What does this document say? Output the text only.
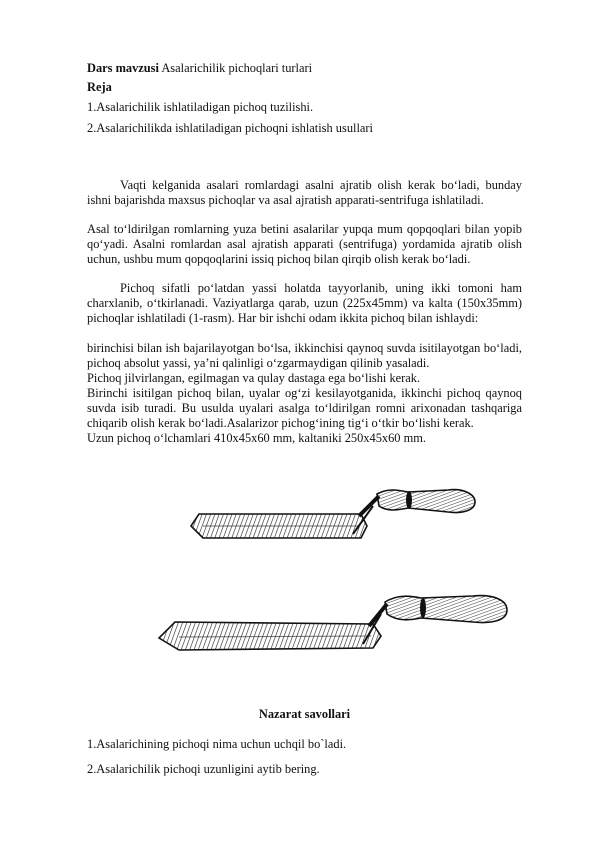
Dars mavzusi Asalarichilik pichoqlari turlari

Reja

1.Asalarichilik ishlatiladigan pichoq tuzilishi.

2.Asalarichilikda ishlatiladigan pichoqni ishlatish usullari

Vaqti kelganida asalari romlardagi asalni ajratib olish kerak bo‘ladi, bunday ishni bajarishda maxsus pichoqlar va asal ajratish apparati-sentrifuga ishlatiladi.

Asal to‘ldirilgan romlarning yuza betini asalarilar yupqa mum qopqoqlari bilan yopib qo‘yadi. Asalni romlardan asal ajratish apparati (sentrifuga) yordamida ajratib olish uchun, ushbu mum qopqoqlarini issiq pichoq bilan qirqib olish kerak bo‘ladi.

Pichoq sifatli po‘latdan yassi holatda tayyorlanib, uning ikki tomoni ham charxlanib, o‘tkirlanadi. Vaziyatlarga qarab, uzun (225x45mm) va kalta (150x35mm) pichoqlar ishlatiladi (1-rasm). Har bir ishchi odam ikkita pichoq bilan ishlaydi:

birinchisi bilan ish bajarilayotgan bo‘lsa, ikkinchisi qaynoq suvda isitilayotgan bo‘ladi, pichoq absolut yassi, ya’ni qalinligi o‘zgarmaydigan qilinib yasaladi.

Pichoq jilvirlangan, egilmagan va qulay dastaga ega bo‘lishi kerak.

Birinchi isitilgan pichoq bilan, uyalar og‘zi kesilayotganida, ikkinchi pichoq qaynoq suvda isib turadi. Bu usulda uyalari asalga to‘ldirilgan romni arixonadan tashqariga chiqarib olish kerak bo‘ladi.Asalarizor pichog‘ining tig‘i o‘tkir bo‘lishi kerak.

Uzun pichoq o‘lchamlari 410x45x60 mm, kaltaniki 250x45x60 mm.

Nazarat savollari

1.Asalarichining pichoqi nima uchun uchqil bo`ladi.

2.Asalarichilik pichoqi uzunligini aytib bering.
